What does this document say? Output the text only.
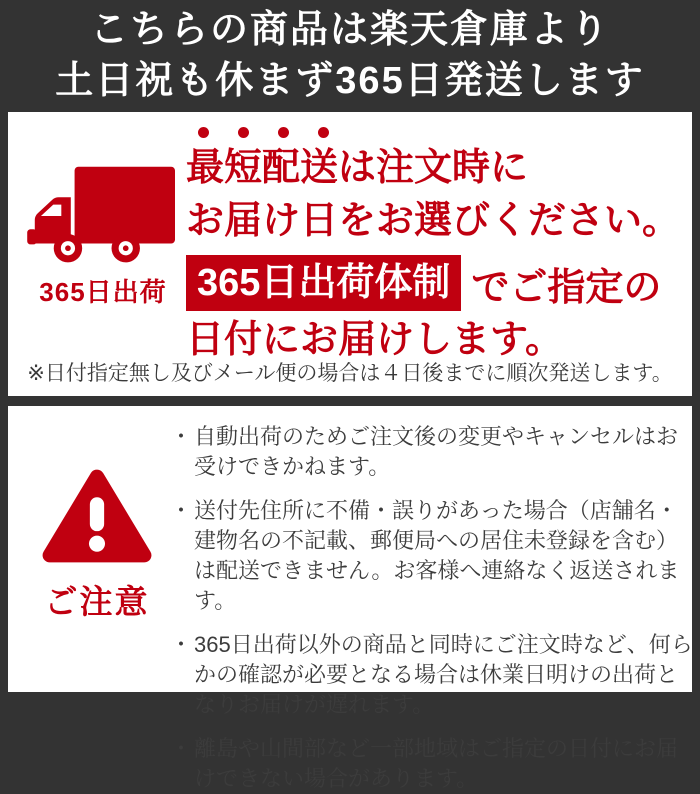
こちらの商品は楽天倉庫より
土日祝も休まず365日発送します
365日出荷
最短配送は注文時に
お届け日をお選びください。
365日出荷体制 でご指定の
日付にお届けします。
※日付指定無し及びメール便の場合は４日後までに順次発送します。
ご注意
・ 自動出荷のためご注文後の変更やキャンセルはお受けできかねます。
・ 送付先住所に不備・誤りがあった場合（店舗名・建物名の不記載、郵便局への居住未登録を含む）は配送できません。お客様へ連絡なく返送されます。
・ 365日出荷以外の商品と同時にご注文時など、何らかの確認が必要となる場合は休業日明けの出荷となりお届けが遅れます。
・ 離島や山間部など一部地域はご指定の日付にお届けできない場合があります。
